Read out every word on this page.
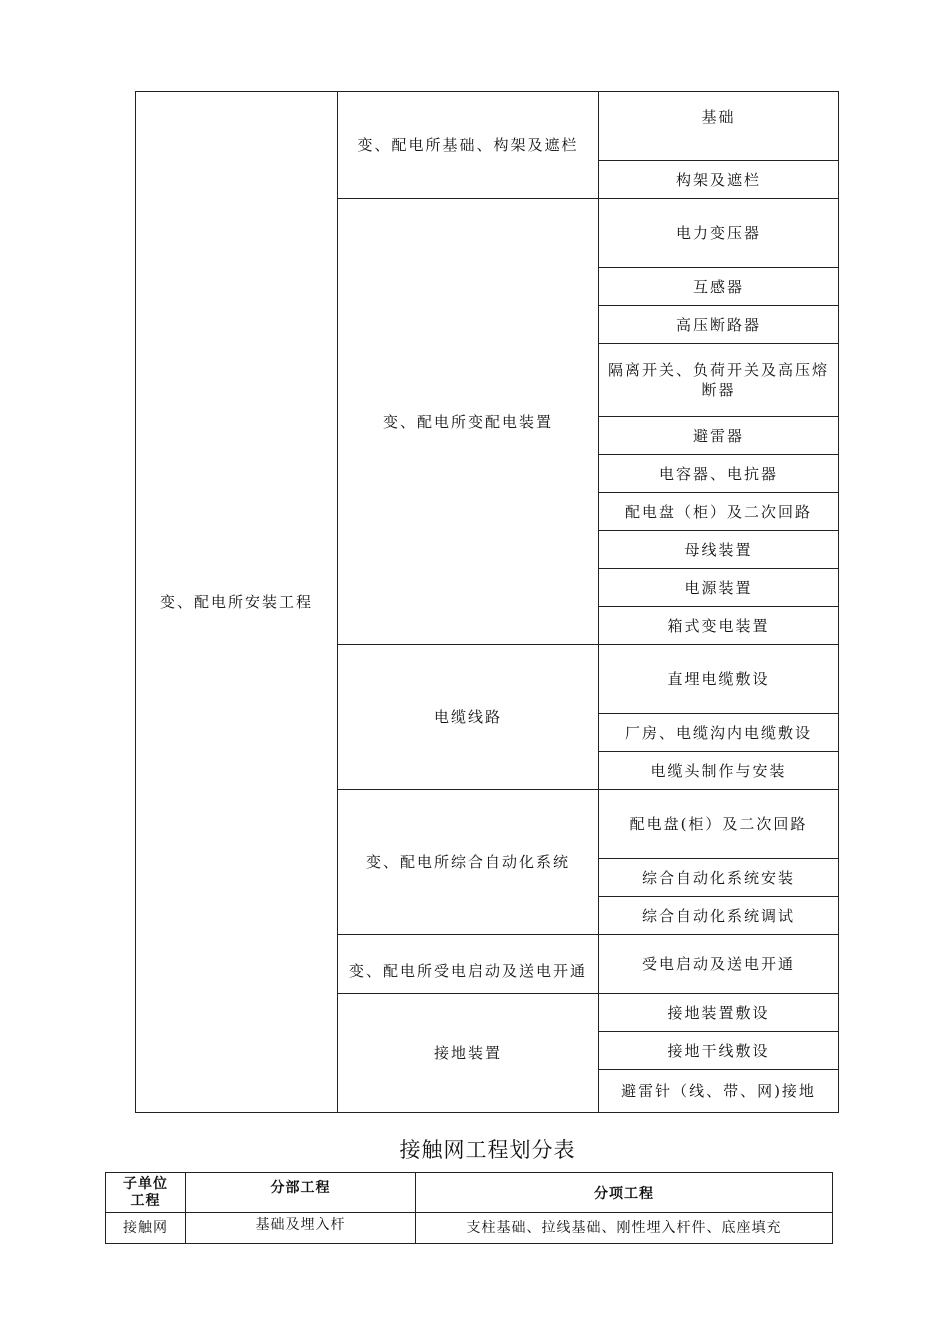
变、配电所安装工程	变、配电所基础、构架及遮栏	基础
		构架及遮栏
	变、配电所变配电装置	电力变压器
		互感器
		高压断路器
		隔离开关、负荷开关及高压熔断器
		避雷器
		电容器、电抗器
		配电盘（柜）及二次回路
		母线装置
		电源装置
		箱式变电装置
	电缆线路	直埋电缆敷设
		厂房、电缆沟内电缆敷设
		电缆头制作与安装
	变、配电所综合自动化系统	配电盘(柜）及二次回路
		综合自动化系统安装
		综合自动化系统调试
	变、配电所受电启动及送电开通	受电启动及送电开通
	接地装置	接地装置敷设
		接地干线敷设
		避雷针（线、带、网)接地
接触网工程划分表
子单位工程	分部工程	分项工程
接触网	基础及埋入杆	支柱基础、拉线基础、刚性埋入杆件、底座填充
